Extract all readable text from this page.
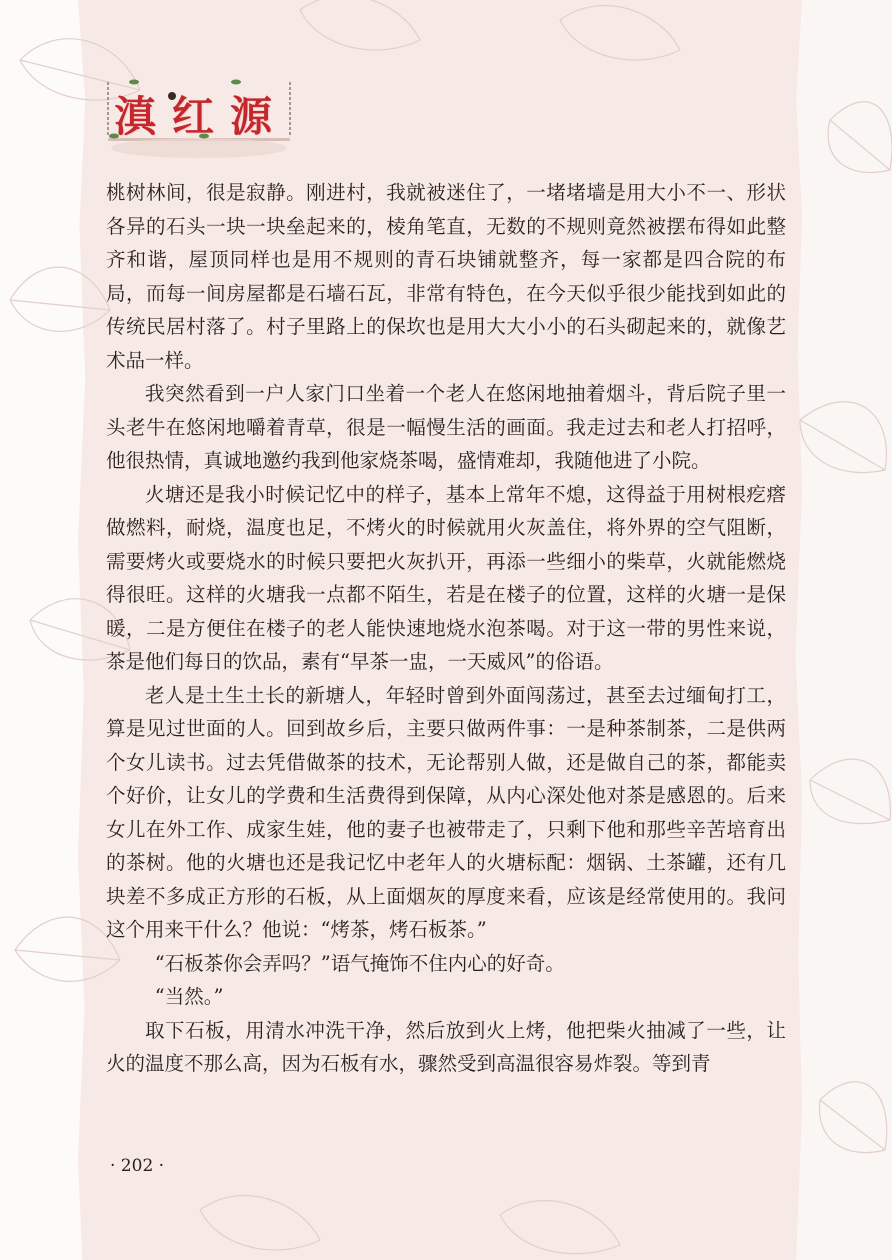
滇红源

桃树林间，很是寂静。刚进村，我就被迷住了，一堵堵墙是用大小不一、形状各异的石头一块一块垒起来的，棱角笔直，无数的不规则竟然被摆布得如此整齐和谐，屋顶同样也是用不规则的青石块铺就整齐，每一家都是四合院的布局，而每一间房屋都是石墙石瓦，非常有特色，在今天似乎很少能找到如此的传统民居村落了。村子里路上的保坎也是用大大小小的石头砌起来的，就像艺术品一样。

我突然看到一户人家门口坐着一个老人在悠闲地抽着烟斗，背后院子里一头老牛在悠闲地嚼着青草，很是一幅慢生活的画面。我走过去和老人打招呼，他很热情，真诚地邀约我到他家烧茶喝，盛情难却，我随他进了小院。

火塘还是我小时候记忆中的样子，基本上常年不熄，这得益于用树根疙瘩做燃料，耐烧，温度也足，不烤火的时候就用火灰盖住，将外界的空气阻断，需要烤火或要烧水的时候只要把火灰扒开，再添一些细小的柴草，火就能燃烧得很旺。这样的火塘我一点都不陌生，若是在楼子的位置，这样的火塘一是保暖，二是方便住在楼子的老人能快速地烧水泡茶喝。对于这一带的男性来说，茶是他们每日的饮品，素有“早茶一盅，一天威风”的俗语。

老人是土生土长的新塘人，年轻时曾到外面闯荡过，甚至去过缅甸打工，算是见过世面的人。回到故乡后，主要只做两件事：一是种茶制茶，二是供两个女儿读书。过去凭借做茶的技术，无论帮别人做，还是做自己的茶，都能卖个好价，让女儿的学费和生活费得到保障，从内心深处他对茶是感恩的。后来女儿在外工作、成家生娃，他的妻子也被带走了，只剩下他和那些辛苦培育出的茶树。他的火塘也还是我记忆中老年人的火塘标配：烟锅、土茶罐，还有几块差不多成正方形的石板，从上面烟灰的厚度来看，应该是经常使用的。我问这个用来干什么？他说：“烤茶，烤石板茶。”

“石板茶你会弄吗？”语气掩饰不住内心的好奇。

“当然。”

取下石板，用清水冲洗干净，然后放到火上烤，他把柴火抽减了一些，让火的温度不那么高，因为石板有水，骤然受到高温很容易炸裂。等到青

· 202 ·
